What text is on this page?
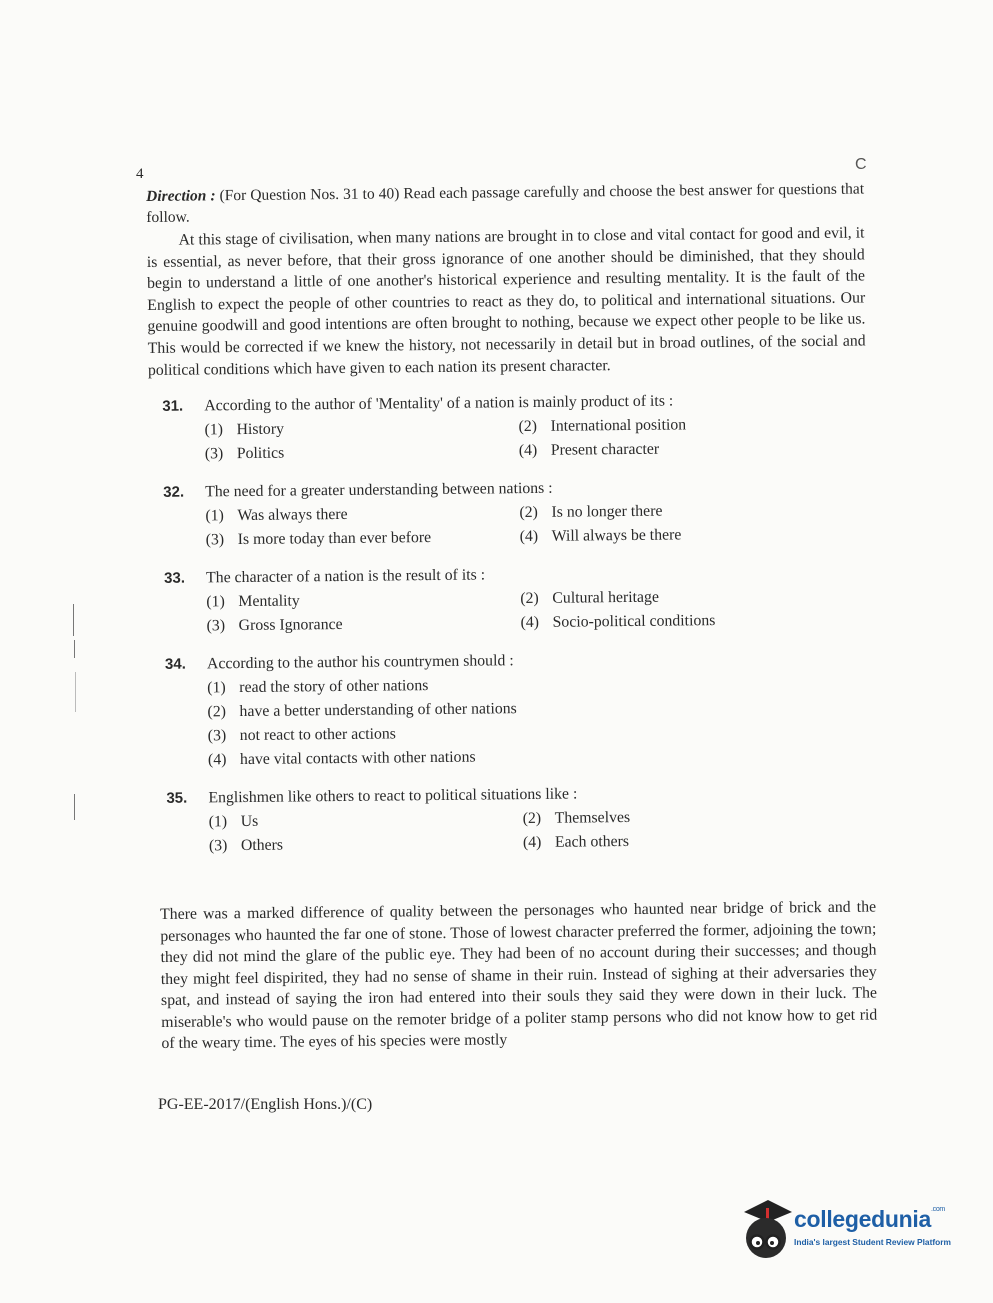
4
C

Direction : (For Question Nos. 31 to 40) Read each passage carefully and choose the best answer for questions that follow.

At this stage of civilisation, when many nations are brought in to close and vital contact for good and evil, it is essential, as never before, that their gross ignorance of one another should be diminished, that they should begin to understand a little of one another's historical experience and resulting mentality. It is the fault of the English to expect the people of other countries to react as they do, to political and international situations. Our genuine goodwill and good intentions are often brought to nothing, because we expect other people to be like us. This would be corrected if we knew the history, not necessarily in detail but in broad outlines, of the social and political conditions which have given to each nation its present character.

31.	According to the author of 'Mentality' of a nation is mainly product of its :
(1) History	(2) International position
(3) Politics	(4) Present character
32.	The need for a greater understanding between nations :
(1) Was always there	(2) Is no longer there
(3) Is more today than ever before	(4) Will always be there
33.	The character of a nation is the result of its :
(1) Mentality	(2) Cultural heritage
(3) Gross Ignorance	(4) Socio-political conditions
34.	According to the author his countrymen should :
(1) read the story of other nations
(2) have a better understanding of other nations
(3) not react to other actions
(4) have vital contacts with other nations
35.	Englishmen like others to react to political situations like :
(1) Us	(2) Themselves
(3) Others	(4) Each others

There was a marked difference of quality between the personages who haunted near bridge of brick and the personages who haunted the far one of stone. Those of lowest character preferred the former, adjoining the town; they did not mind the glare of the public eye. They had been of no account during their successes; and though they might feel dispirited, they had no sense of shame in their ruin. Instead of sighing at their adversaries they spat, and instead of saying the iron had entered into their souls they said they were down in their luck. The miserable's who would pause on the remoter bridge of a politer stamp persons who did not know how to get rid of the weary time. The eyes of his species were mostly

PG-EE-2017/(English Hons.)/(C)
collegedunia$^{.com}$
India's largest Student Review Platform
